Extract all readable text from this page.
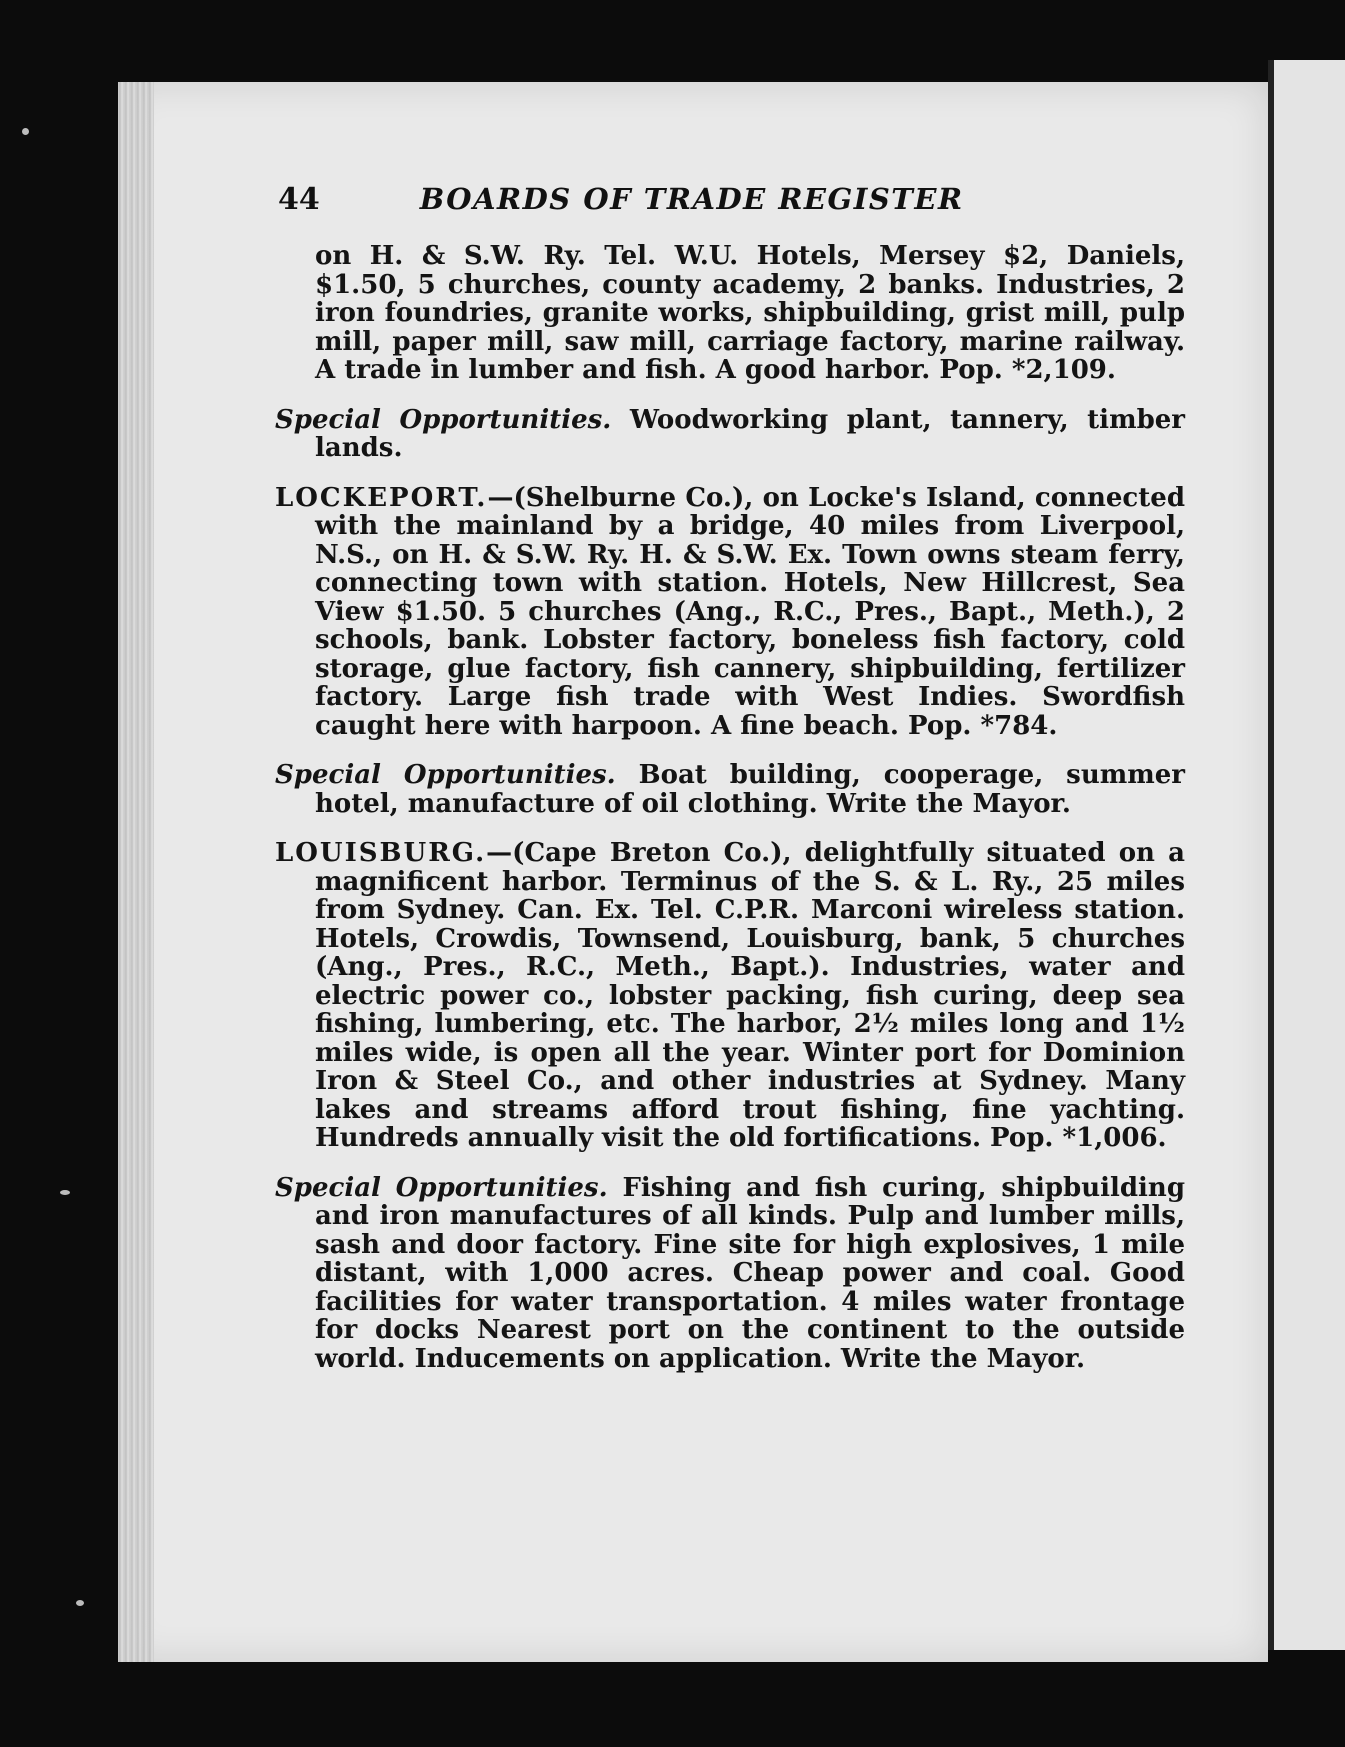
44	BOARDS OF TRADE REGISTER

on H. & S.W. Ry. Tel. W.U. Hotels, Mersey $2, Daniels, $1.50, 5 churches, county academy, 2 banks. Industries, 2 iron foundries, granite works, shipbuilding, grist mill, pulp mill, paper mill, saw mill, carriage factory, marine railway. A trade in lumber and fish. A good harbor. Pop. *2,109.

Special Opportunities. Woodworking plant, tannery, timber lands.

LOCKEPORT.—(Shelburne Co.), on Locke's Island, connected with the mainland by a bridge, 40 miles from Liverpool, N.S., on H. & S.W. Ry. H. & S.W. Ex. Town owns steam ferry, connecting town with station. Hotels, New Hillcrest, Sea View $1.50. 5 churches (Ang., R.C., Pres., Bapt., Meth.), 2 schools, bank. Lobster factory, boneless fish factory, cold storage, glue factory, fish cannery, shipbuilding, fertilizer factory. Large fish trade with West Indies. Swordfish caught here with harpoon. A fine beach. Pop. *784.

Special Opportunities. Boat building, cooperage, summer hotel, manufacture of oil clothing. Write the Mayor.

LOUISBURG.—(Cape Breton Co.), delightfully situated on a magnificent harbor. Terminus of the S. & L. Ry., 25 miles from Sydney. Can. Ex. Tel. C.P.R. Marconi wireless station. Hotels, Crowdis, Townsend, Louisburg, bank, 5 churches (Ang., Pres., R.C., Meth., Bapt.). Industries, water and electric power co., lobster packing, fish curing, deep sea fishing, lumbering, etc. The harbor, 2½ miles long and 1½ miles wide, is open all the year. Winter port for Dominion Iron & Steel Co., and other industries at Sydney. Many lakes and streams afford trout fishing, fine yachting. Hundreds annually visit the old fortifications. Pop. *1,006.

Special Opportunities. Fishing and fish curing, shipbuilding and iron manufactures of all kinds. Pulp and lumber mills, sash and door factory. Fine site for high explosives, 1 mile distant, with 1,000 acres. Cheap power and coal. Good facilities for water transportation. 4 miles water frontage for docks Nearest port on the continent to the outside world. Inducements on application. Write the Mayor.
